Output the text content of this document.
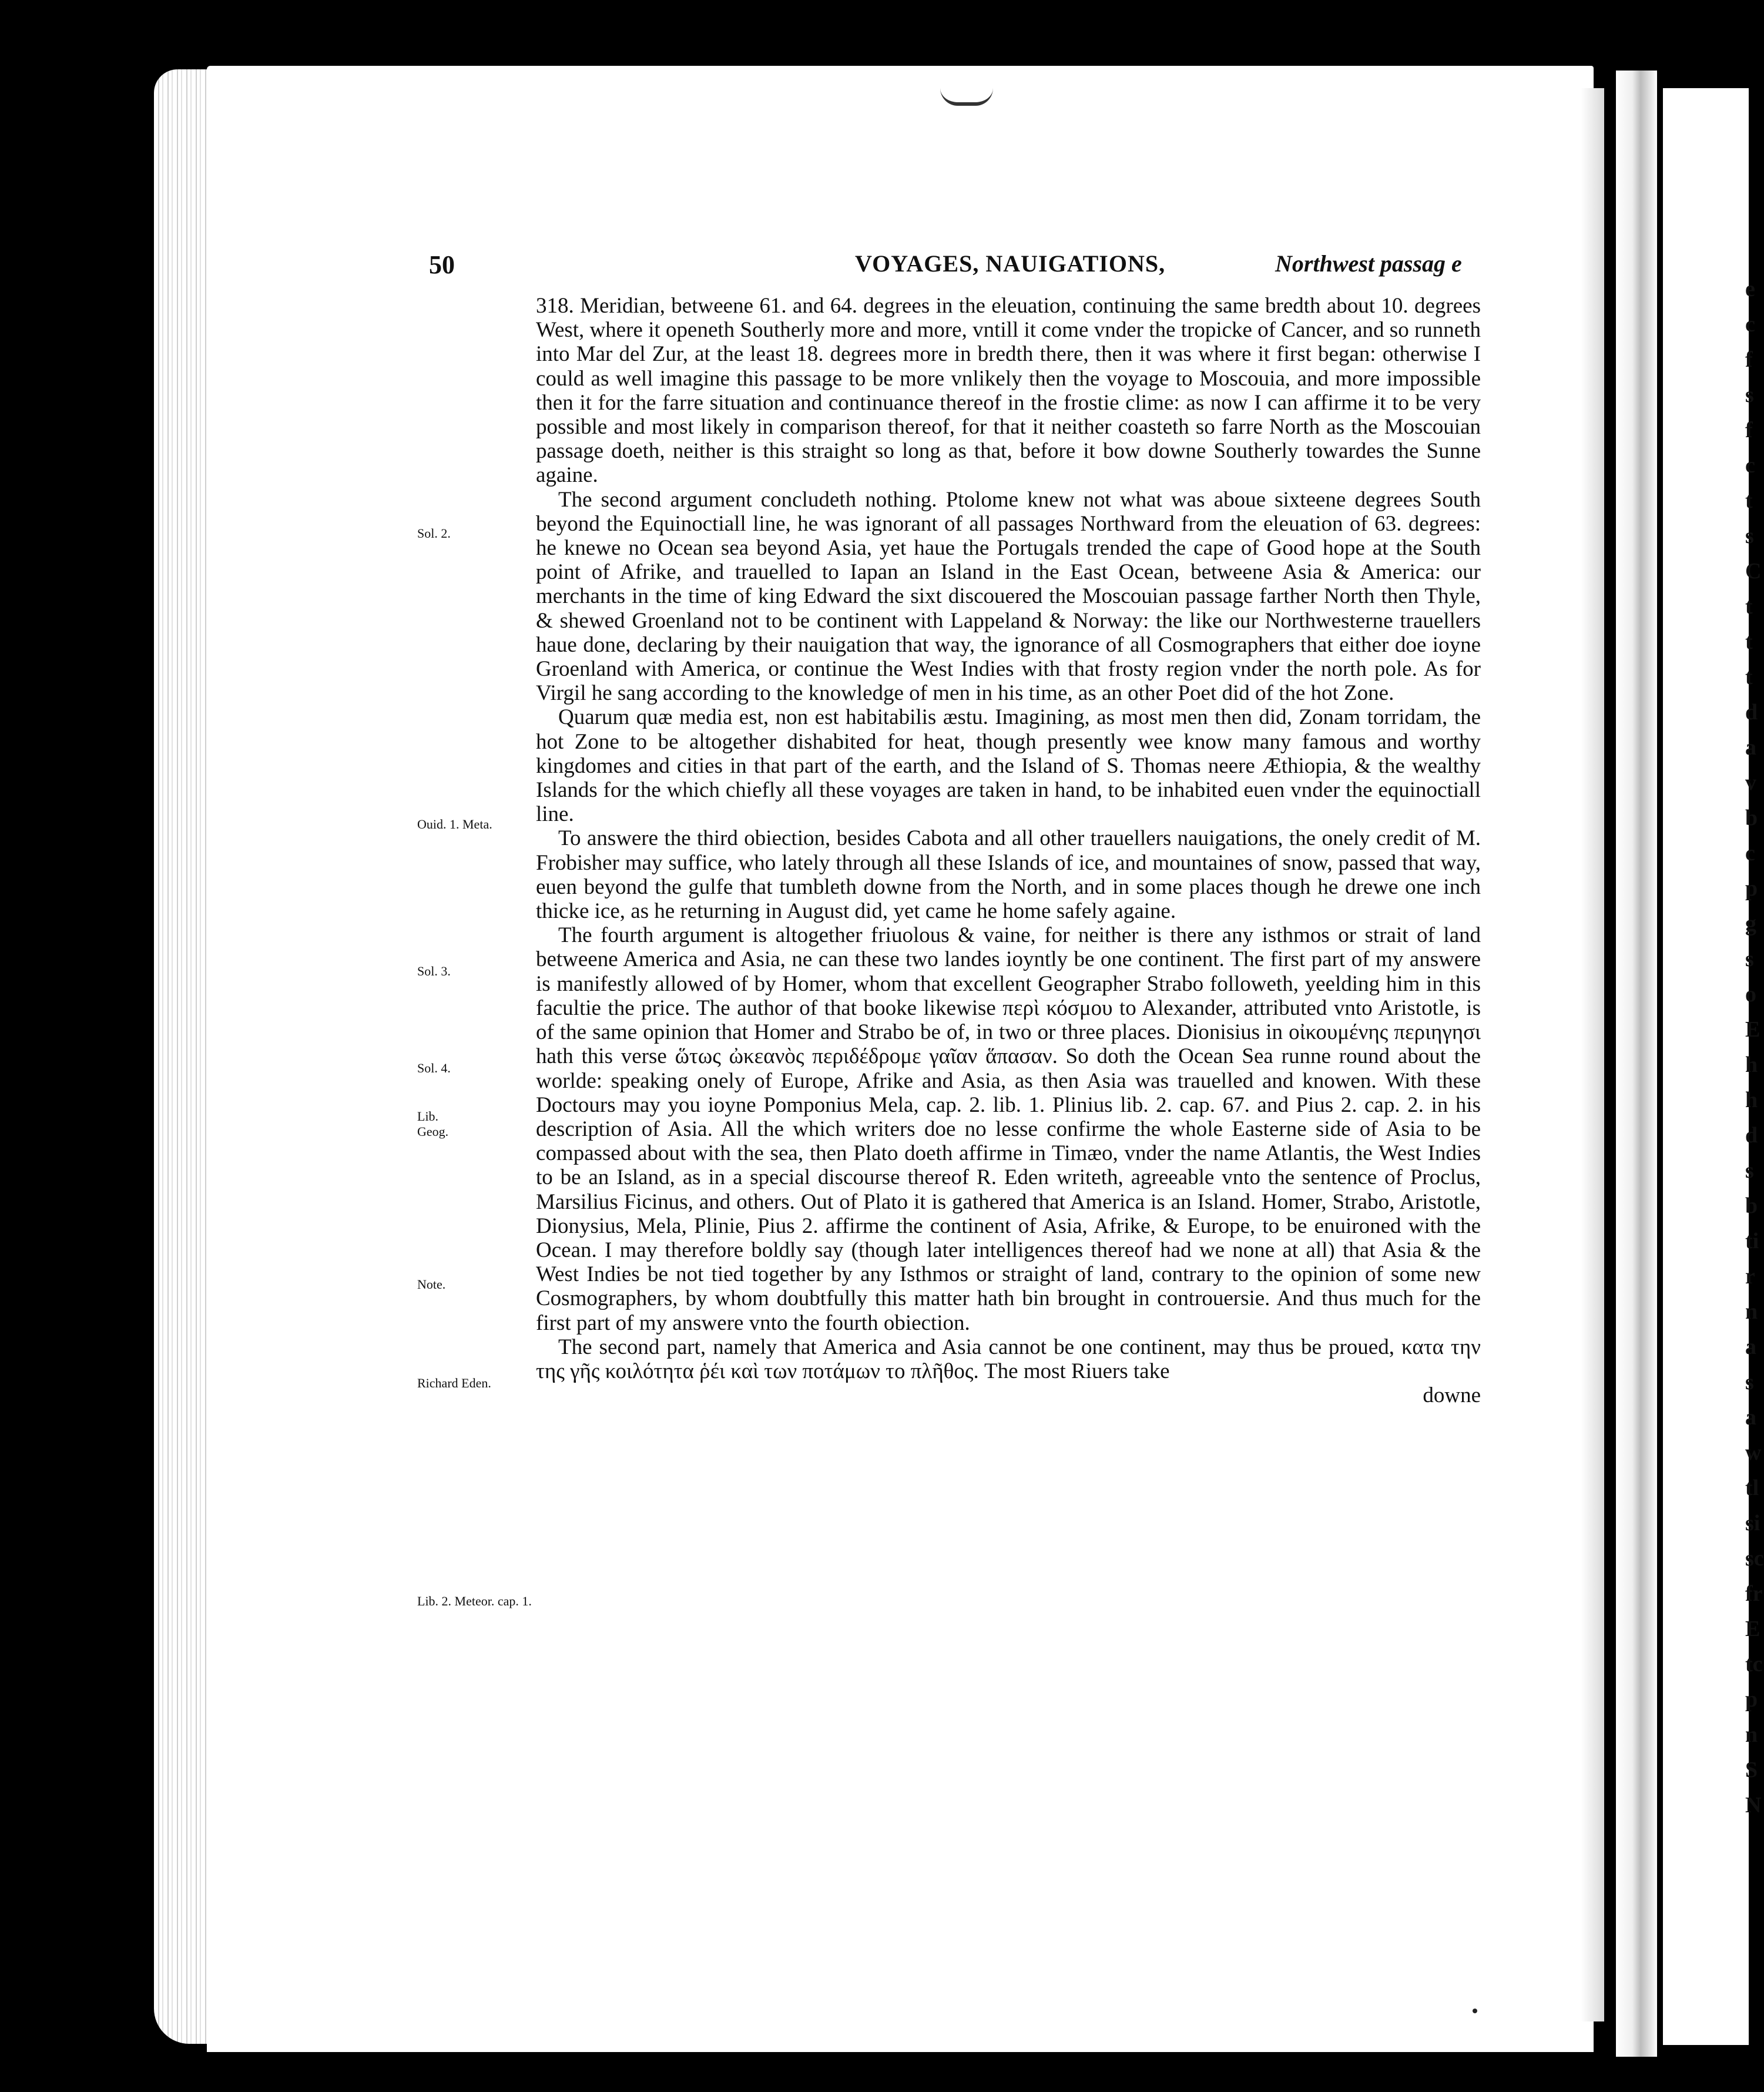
e
c
f
s
f
c
t
s
C
t
t
t
d
a
v
b
c
p
g
s
o
E
h
h
d
s
b
ti
r
n
a
s
a
w
tl
si
sc
fr
E
tc
p
n
S
N
50	VOYAGES, NAUIGATIONS,	Northwest passag e
Sol. 2.
Ouid. 1. Meta.
Sol. 3.
Sol. 4.
Lib. Geog.
Note.
Richard Eden.
Lib. 2. Meteor. cap. 1.

318. Meridian, betweene 61. and 64. degrees in the eleuation, continuing the same bredth about 10. degrees West, where it openeth Southerly more and more, vntill it come vnder the tropicke of Cancer, and so runneth into Mar del Zur, at the least 18. degrees more in bredth there, then it was where it first began: otherwise I could as well imagine this passage to be more vnlikely then the voyage to Moscouia, and more impossible then it for the farre situation and continuance thereof in the frostie clime: as now I can affirme it to be very possible and most likely in comparison thereof, for that it neither coasteth so farre North as the Moscouian passage doeth, neither is this straight so long as that, before it bow downe Southerly towardes the Sunne againe.

The second argument concludeth nothing. Ptolome knew not what was aboue sixteene degrees South beyond the Equinoctiall line, he was ignorant of all passages Northward from the eleuation of 63. degrees: he knewe no Ocean sea beyond Asia, yet haue the Portugals trended the cape of Good hope at the South point of Afrike, and trauelled to Iapan an Island in the East Ocean, betweene Asia & America: our merchants in the time of king Edward the sixt discouered the Moscouian passage farther North then Thyle, & shewed Groenland not to be continent with Lappeland & Norway: the like our Northwesterne trauellers haue done, declaring by their nauigation that way, the ignorance of all Cosmographers that either doe ioyne Groenland with America, or continue the West Indies with that frosty region vnder the north pole. As for Virgil he sang according to the knowledge of men in his time, as an other Poet did of the hot Zone.

Quarum quæ media est, non est habitabilis æstu. Imagining, as most men then did, Zonam torridam, the hot Zone to be altogether dishabited for heat, though presently wee know many famous and worthy kingdomes and cities in that part of the earth, and the Island of S. Thomas neere Æthiopia, & the wealthy Islands for the which chiefly all these voyages are taken in hand, to be inhabited euen vnder the equinoctiall line.

To answere the third obiection, besides Cabota and all other trauellers nauigations, the onely credit of M. Frobisher may suffice, who lately through all these Islands of ice, and mountaines of snow, passed that way, euen beyond the gulfe that tumbleth downe from the North, and in some places though he drewe one inch thicke ice, as he returning in August did, yet came he home safely againe.

The fourth argument is altogether friuolous & vaine, for neither is there any isthmos or strait of land betweene America and Asia, ne can these two landes ioyntly be one continent. The first part of my answere is manifestly allowed of by Homer, whom that excellent Geographer Strabo followeth, yeelding him in this facultie the price. The author of that booke likewise περὶ κόσμου to Alexander, attributed vnto Aristotle, is of the same opinion that Homer and Strabo be of, in two or three places. Dionisius in οἰκουμένης περιηγησι hath this verse ὥτως ὠκεανὸς περιδέδρομε γαῖαν ἅπασαν. So doth the Ocean Sea runne round about the worlde: speaking onely of Europe, Afrike and Asia, as then Asia was trauelled and knowen. With these Doctours may you ioyne Pomponius Mela, cap. 2. lib. 1. Plinius lib. 2. cap. 67. and Pius 2. cap. 2. in his description of Asia. All the which writers doe no lesse confirme the whole Easterne side of Asia to be compassed about with the sea, then Plato doeth affirme in Timæo, vnder the name Atlantis, the West Indies to be an Island, as in a special discourse thereof R. Eden writeth, agreeable vnto the sentence of Proclus, Marsilius Ficinus, and others. Out of Plato it is gathered that America is an Island. Homer, Strabo, Aristotle, Dionysius, Mela, Plinie, Pius 2. affirme the continent of Asia, Afrike, & Europe, to be enuironed with the Ocean. I may therefore boldly say (though later intelligences thereof had we none at all) that Asia & the West Indies be not tied together by any Isthmos or straight of land, contrary to the opinion of some new Cosmographers, by whom doubtfully this matter hath bin brought in controuersie. And thus much for the first part of my answere vnto the fourth obiection.

The second part, namely that America and Asia cannot be one continent, may thus be proued, κατα την της γῆς κοιλότητα ῥέι καὶ των ποτάμων το πλῆθος. The most Riuers take

downe
